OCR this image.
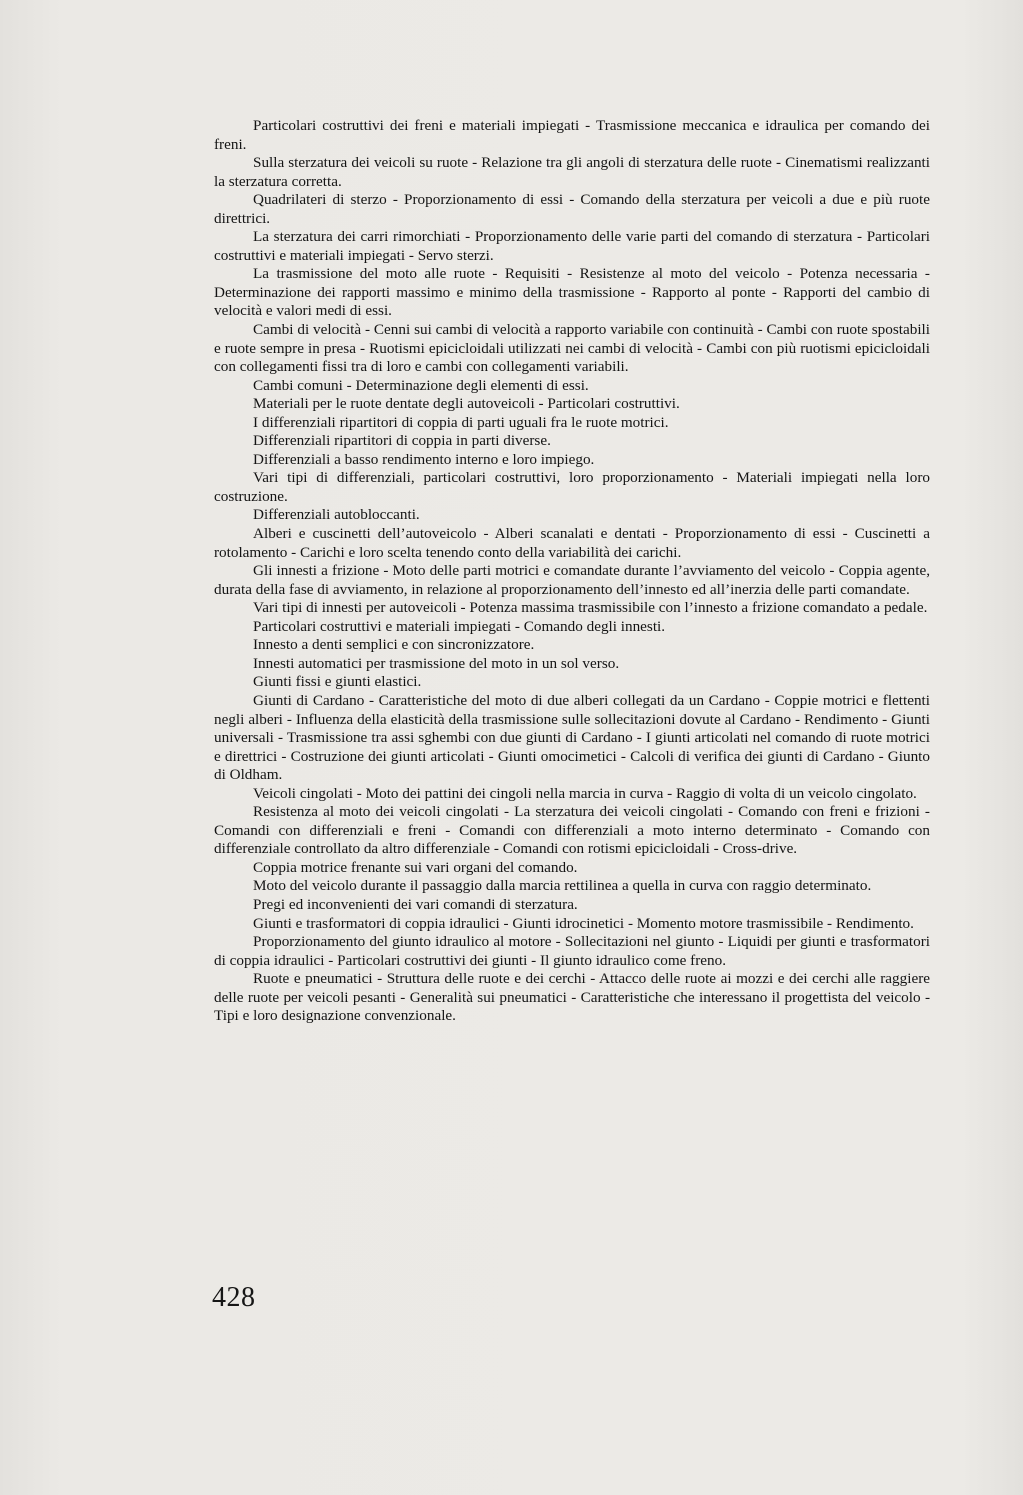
Particolari costruttivi dei freni e materiali impiegati - Trasmissione meccanica e idraulica per comando dei freni.

Sulla sterzatura dei veicoli su ruote - Relazione tra gli angoli di sterzatura delle ruote - Cinematismi realizzanti la sterzatura corretta.

Quadrilateri di sterzo - Proporzionamento di essi - Comando della sterzatura per veicoli a due e più ruote direttrici.

La sterzatura dei carri rimorchiati - Proporzionamento delle varie parti del comando di sterzatura - Particolari costruttivi e materiali impiegati - Servo sterzi.

La trasmissione del moto alle ruote - Requisiti - Resistenze al moto del veicolo - Potenza necessaria - Determinazione dei rapporti massimo e minimo della trasmissione - Rapporto al ponte - Rapporti del cambio di velocità e valori medi di essi.

Cambi di velocità - Cenni sui cambi di velocità a rapporto variabile con continuità - Cambi con ruote spostabili e ruote sempre in presa - Ruotismi epicicloidali utilizzati nei cambi di velocità - Cambi con più ruotismi epicicloidali con collegamenti fissi tra di loro e cambi con collegamenti variabili.

Cambi comuni - Determinazione degli elementi di essi.

Materiali per le ruote dentate degli autoveicoli - Particolari costruttivi.

I differenziali ripartitori di coppia di parti uguali fra le ruote motrici.

Differenziali ripartitori di coppia in parti diverse.

Differenziali a basso rendimento interno e loro impiego.

Vari tipi di differenziali, particolari costruttivi, loro proporzionamento - Materiali impiegati nella loro costruzione.

Differenziali autobloccanti.

Alberi e cuscinetti dell’autoveicolo - Alberi scanalati e dentati - Proporzionamento di essi - Cuscinetti a rotolamento - Carichi e loro scelta tenendo conto della variabilità dei carichi.

Gli innesti a frizione - Moto delle parti motrici e comandate durante l’avviamento del veicolo - Coppia agente, durata della fase di avviamento, in relazione al proporzionamento dell’innesto ed all’inerzia delle parti comandate.

Vari tipi di innesti per autoveicoli - Potenza massima trasmissibile con l’innesto a frizione comandato a pedale.

Particolari costruttivi e materiali impiegati - Comando degli innesti.

Innesto a denti semplici e con sincronizzatore.

Innesti automatici per trasmissione del moto in un sol verso.

Giunti fissi e giunti elastici.

Giunti di Cardano - Caratteristiche del moto di due alberi collegati da un Cardano - Coppie motrici e flettenti negli alberi - Influenza della elasticità della trasmissione sulle sollecitazioni dovute al Cardano - Rendimento - Giunti universali - Trasmissione tra assi sghembi con due giunti di Cardano - I giunti articolati nel comando di ruote motrici e direttrici - Costruzione dei giunti articolati - Giunti omocimetici - Calcoli di verifica dei giunti di Cardano - Giunto di Oldham.

Veicoli cingolati - Moto dei pattini dei cingoli nella marcia in curva - Raggio di volta di un veicolo cingolato.

Resistenza al moto dei veicoli cingolati - La sterzatura dei veicoli cingolati - Comando con freni e frizioni - Comandi con differenziali e freni - Comandi con differenziali a moto interno determinato - Comando con differenziale controllato da altro differenziale - Comandi con rotismi epicicloidali - Cross-drive.

Coppia motrice frenante sui vari organi del comando.

Moto del veicolo durante il passaggio dalla marcia rettilinea a quella in curva con raggio determinato.

Pregi ed inconvenienti dei vari comandi di sterzatura.

Giunti e trasformatori di coppia idraulici - Giunti idrocinetici - Momento motore trasmissibile - Rendimento.

Proporzionamento del giunto idraulico al motore - Sollecitazioni nel giunto - Liquidi per giunti e trasformatori di coppia idraulici - Particolari costruttivi dei giunti - Il giunto idraulico come freno.

Ruote e pneumatici - Struttura delle ruote e dei cerchi - Attacco delle ruote ai mozzi e dei cerchi alle raggiere delle ruote per veicoli pesanti - Generalità sui pneumatici - Caratteristiche che interessano il progettista del veicolo - Tipi e loro designazione convenzionale.

428
